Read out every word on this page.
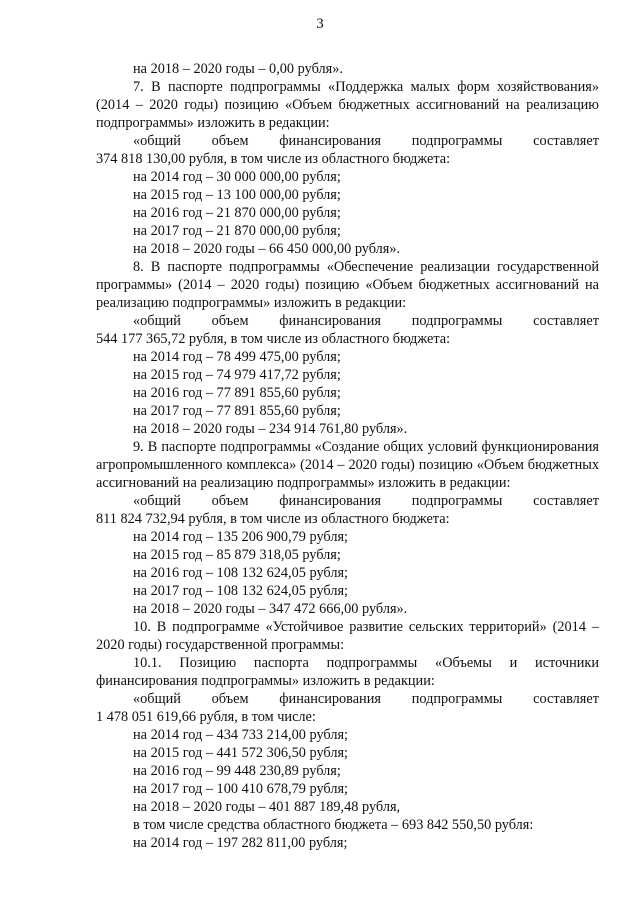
3

на 2018 – 2020 годы – 0,00 рубля».

7. В паспорте подпрограммы «Поддержка малых форм хозяйствования» (2014 – 2020 годы) позицию «Объем бюджетных ассигнований на реализацию подпрограммы» изложить в редакции:

«общий объем финансирования подпрограммы составляет

374 818 130,00 рубля, в том числе из областного бюджета:

на 2014 год – 30 000 000,00 рубля;

на 2015 год – 13 100 000,00 рубля;

на 2016 год – 21 870 000,00 рубля;

на 2017 год – 21 870 000,00 рубля;

на 2018 – 2020 годы – 66 450 000,00 рубля».

8. В паспорте подпрограммы «Обеспечение реализации государственной программы» (2014 – 2020 годы) позицию «Объем бюджетных ассигнований на реализацию подпрограммы» изложить в редакции:

«общий объем финансирования подпрограммы составляет

544 177 365,72 рубля, в том числе из областного бюджета:

на 2014 год – 78 499 475,00 рубля;

на 2015 год – 74 979 417,72 рубля;

на 2016 год – 77 891 855,60 рубля;

на 2017 год – 77 891 855,60 рубля;

на 2018 – 2020 годы – 234 914 761,80 рубля».

9. В паспорте подпрограммы «Создание общих условий функционирования агропромышленного комплекса» (2014 – 2020 годы) позицию «Объем бюджетных ассигнований на реализацию подпрограммы» изложить в редакции:

«общий объем финансирования подпрограммы составляет

811 824 732,94 рубля, в том числе из областного бюджета:

на 2014 год – 135 206 900,79 рубля;

на 2015 год – 85 879 318,05 рубля;

на 2016 год – 108 132 624,05 рубля;

на 2017 год – 108 132 624,05 рубля;

на 2018 – 2020 годы – 347 472 666,00 рубля».

10. В подпрограмме «Устойчивое развитие сельских территорий» (2014 – 2020 годы) государственной программы:

10.1. Позицию паспорта подпрограммы «Объемы и источники финансирования подпрограммы» изложить в редакции:

«общий объем финансирования подпрограммы составляет

1 478 051 619,66 рубля, в том числе:

на 2014 год – 434 733 214,00 рубля;

на 2015 год – 441 572 306,50 рубля;

на 2016 год – 99 448 230,89 рубля;

на 2017 год – 100 410 678,79 рубля;

на 2018 – 2020 годы – 401 887 189,48 рубля,

в том числе средства областного бюджета – 693 842 550,50 рубля:

на 2014 год – 197 282 811,00 рубля;
